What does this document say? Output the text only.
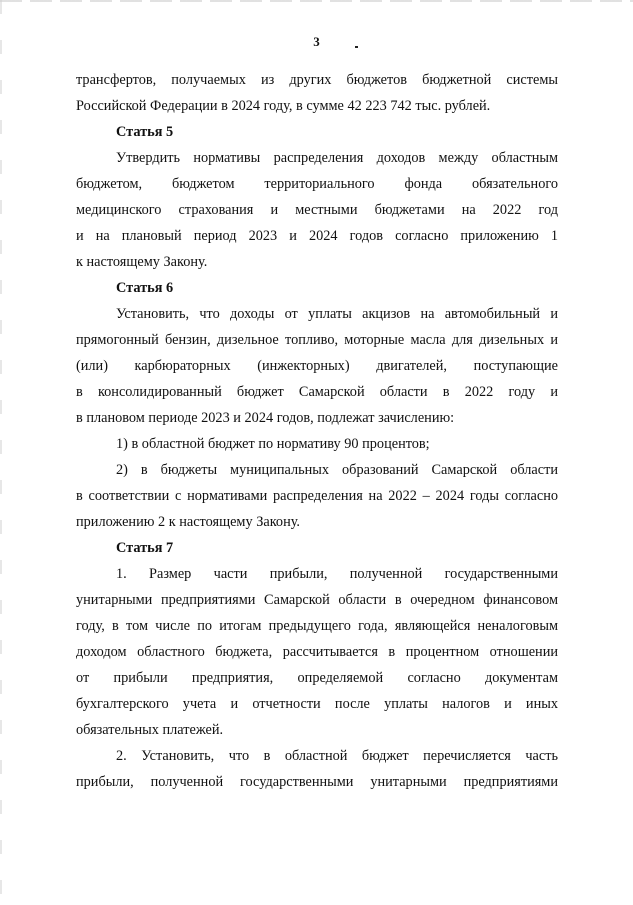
3
трансфертов, получаемых из других бюджетов бюджетной системы
Российской Федерации в 2024 году, в сумме 42 223 742 тыс. рублей.
Статья 5
Утвердить нормативы распределения доходов между областным
бюджетом, бюджетом территориального фонда обязательного
медицинского страхования и местными бюджетами на 2022 год
и на плановый период 2023 и 2024 годов согласно приложению 1
к настоящему Закону.
Статья 6
Установить, что доходы от уплаты акцизов на автомобильный и
прямогонный бензин, дизельное топливо, моторные масла для дизельных и
(или) карбюраторных (инжекторных) двигателей, поступающие
в консолидированный бюджет Самарской области в 2022 году и
в плановом периоде 2023 и 2024 годов, подлежат зачислению:
1) в областной бюджет по нормативу 90 процентов;
2) в бюджеты муниципальных образований Самарской области
в соответствии с нормативами распределения на 2022 – 2024 годы согласно
приложению 2 к настоящему Закону.
Статья 7
1. Размер части прибыли, полученной государственными
унитарными предприятиями Самарской области в очередном финансовом
году, в том числе по итогам предыдущего года, являющейся неналоговым
доходом областного бюджета, рассчитывается в процентном отношении
от прибыли предприятия, определяемой согласно документам
бухгалтерского учета и отчетности после уплаты налогов и иных
обязательных платежей.
2. Установить, что в областной бюджет перечисляется часть
прибыли, полученной государственными унитарными предприятиями
